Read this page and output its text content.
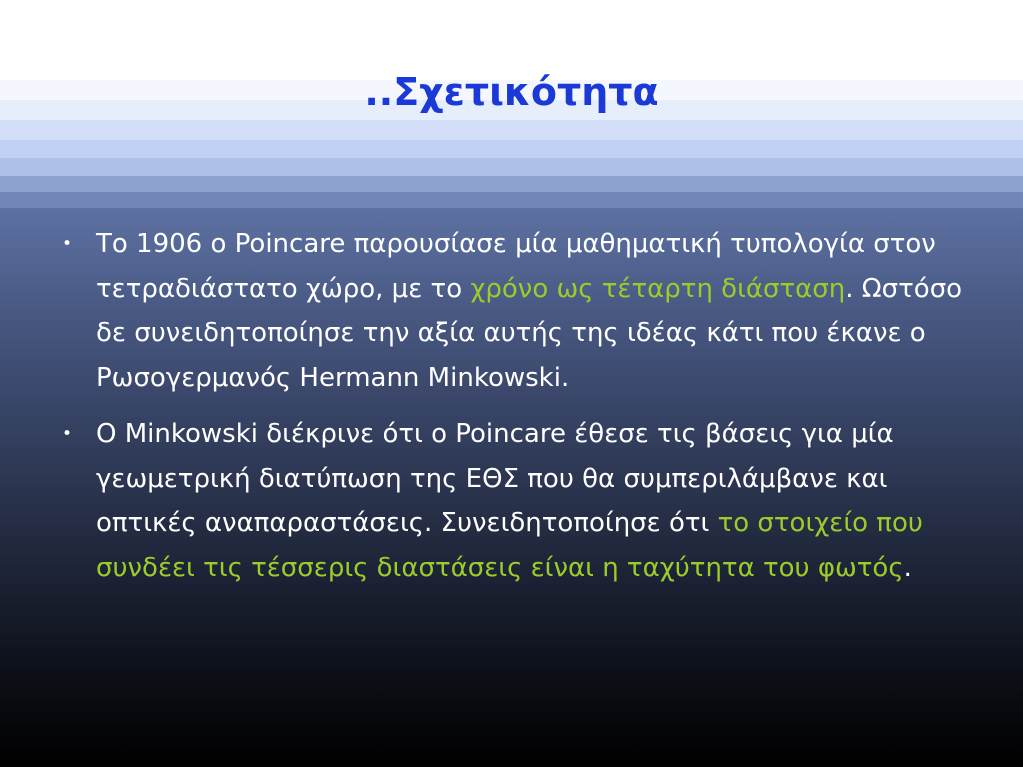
..Σχετικότητα
• Το 1906 ο Poincare παρουσίασε μία μαθηματική τυπολογία στον τετραδιάστατο χώρο, με το χρόνο ως τέταρτη διάσταση. Ωστόσο δε συνειδητοποίησε την αξία αυτής της ιδέας κάτι που έκανε ο Ρωσογερμανός Hermann Minkowski.
• Ο Minkowski διέκρινε ότι ο Poincare έθεσε τις βάσεις για μία γεωμετρική διατύπωση της ΕΘΣ που θα συμπεριλάμβανε και οπτικές αναπαραστάσεις. Συνειδητοποίησε ότι το στοιχείο που συνδέει τις τέσσερις διαστάσεις είναι η ταχύτητα του φωτός.
